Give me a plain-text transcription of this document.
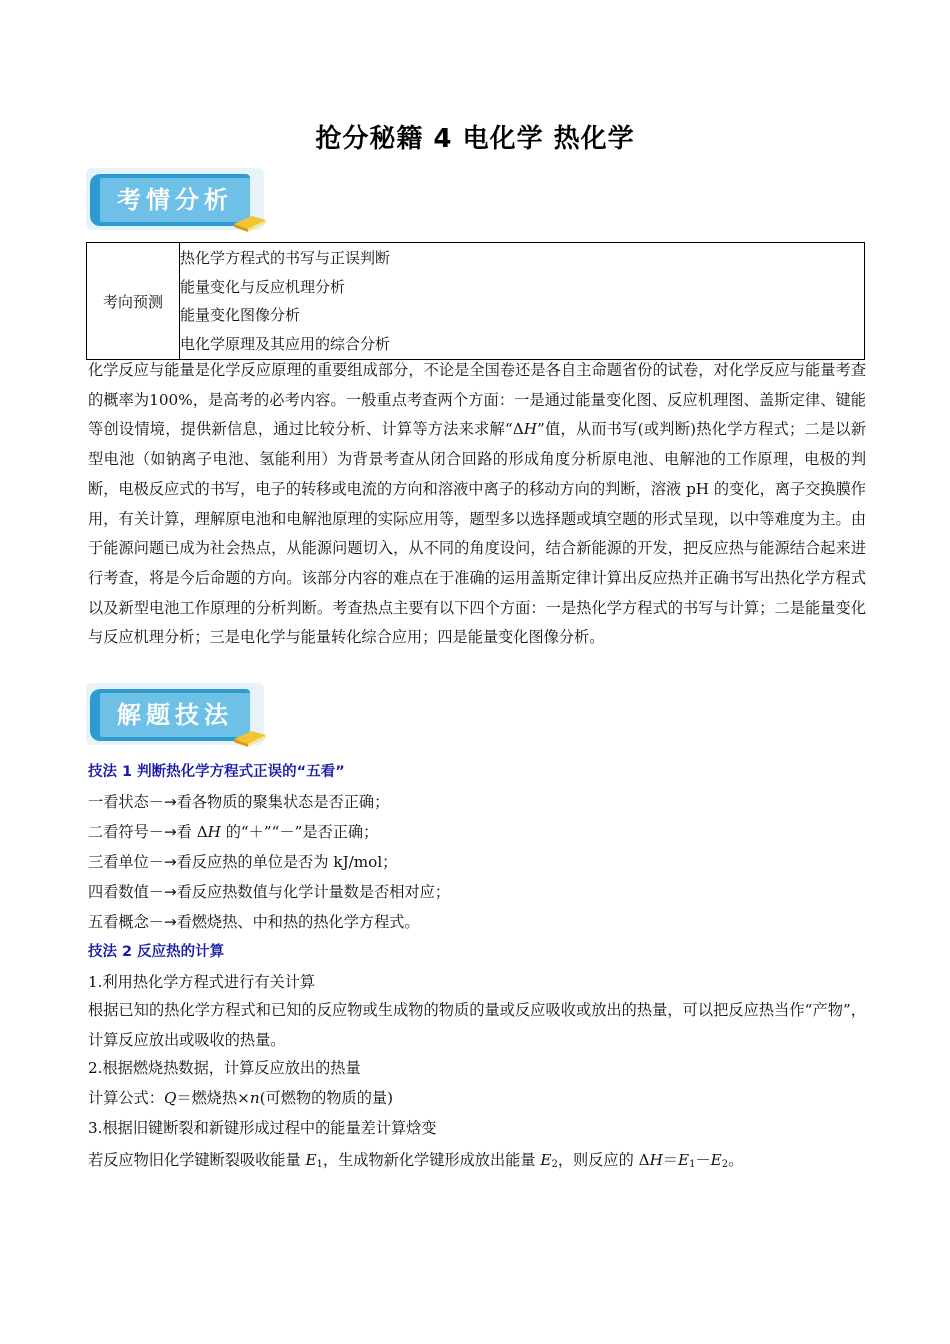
抢分秘籍 4 电化学 热化学
考情分析
考向预测	
热化学方程式的书写与正误判断
能量变化与反应机理分析
能量变化图像分析
电化学原理及其应用的综合分析

化学反应与能量是化学反应原理的重要组成部分，不论是全国卷还是各自主命题省份的试卷，对化学反应与能量考查的概率为100%，是高考的必考内容。一般重点考查两个方面：一是通过能量变化图、反应机理图、盖斯定律、键能等创设情境，提供新信息，通过比较分析、计算等方法来求解“ΔH”值，从而书写(或判断)热化学方程式；二是以新型电池（如钠离子电池、氢能利用）为背景考查从闭合回路的形成角度分析原电池、电解池的工作原理，电极的判断，电极反应式的书写，电子的转移或电流的方向和溶液中离子的移动方向的判断，溶液 pH 的变化，离子交换膜作用，有关计算，理解原电池和电解池原理的实际应用等，题型多以选择题或填空题的形式呈现，以中等难度为主。由于能源问题已成为社会热点，从能源问题切入，从不同的角度设问，结合新能源的开发，把反应热与能源结合起来进行考查，将是今后命题的方向。该部分内容的难点在于准确的运用盖斯定律计算出反应热并正确书写出热化学方程式以及新型电池工作原理的分析判断。考查热点主要有以下四个方面：一是热化学方程式的书写与计算；二是能量变化与反应机理分析；三是电化学与能量转化综合应用；四是能量变化图像分析。

解题技法

技法 1 判断热化学方程式正误的“五看”

一看状态－→看各物质的聚集状态是否正确；

二看符号－→看 ΔH 的“＋”“－”是否正确；

三看单位－→看反应热的单位是否为 kJ/mol；

四看数值－→看反应热数值与化学计量数是否相对应；

五看概念－→看燃烧热、中和热的热化学方程式。

技法 2 反应热的计算

1.利用热化学方程式进行有关计算

根据已知的热化学方程式和已知的反应物或生成物的物质的量或反应吸收或放出的热量，可以把反应热当作“产物”，计算反应放出或吸收的热量。

2.根据燃烧热数据，计算反应放出的热量

计算公式：Q＝燃烧热×n(可燃物的物质的量)

3.根据旧键断裂和新键形成过程中的能量差计算焓变

若反应物旧化学键断裂吸收能量 $E_1$，生成物新化学键形成放出能量 $E_2$，则反应的 $\Delta H=E_1-E_2$。
